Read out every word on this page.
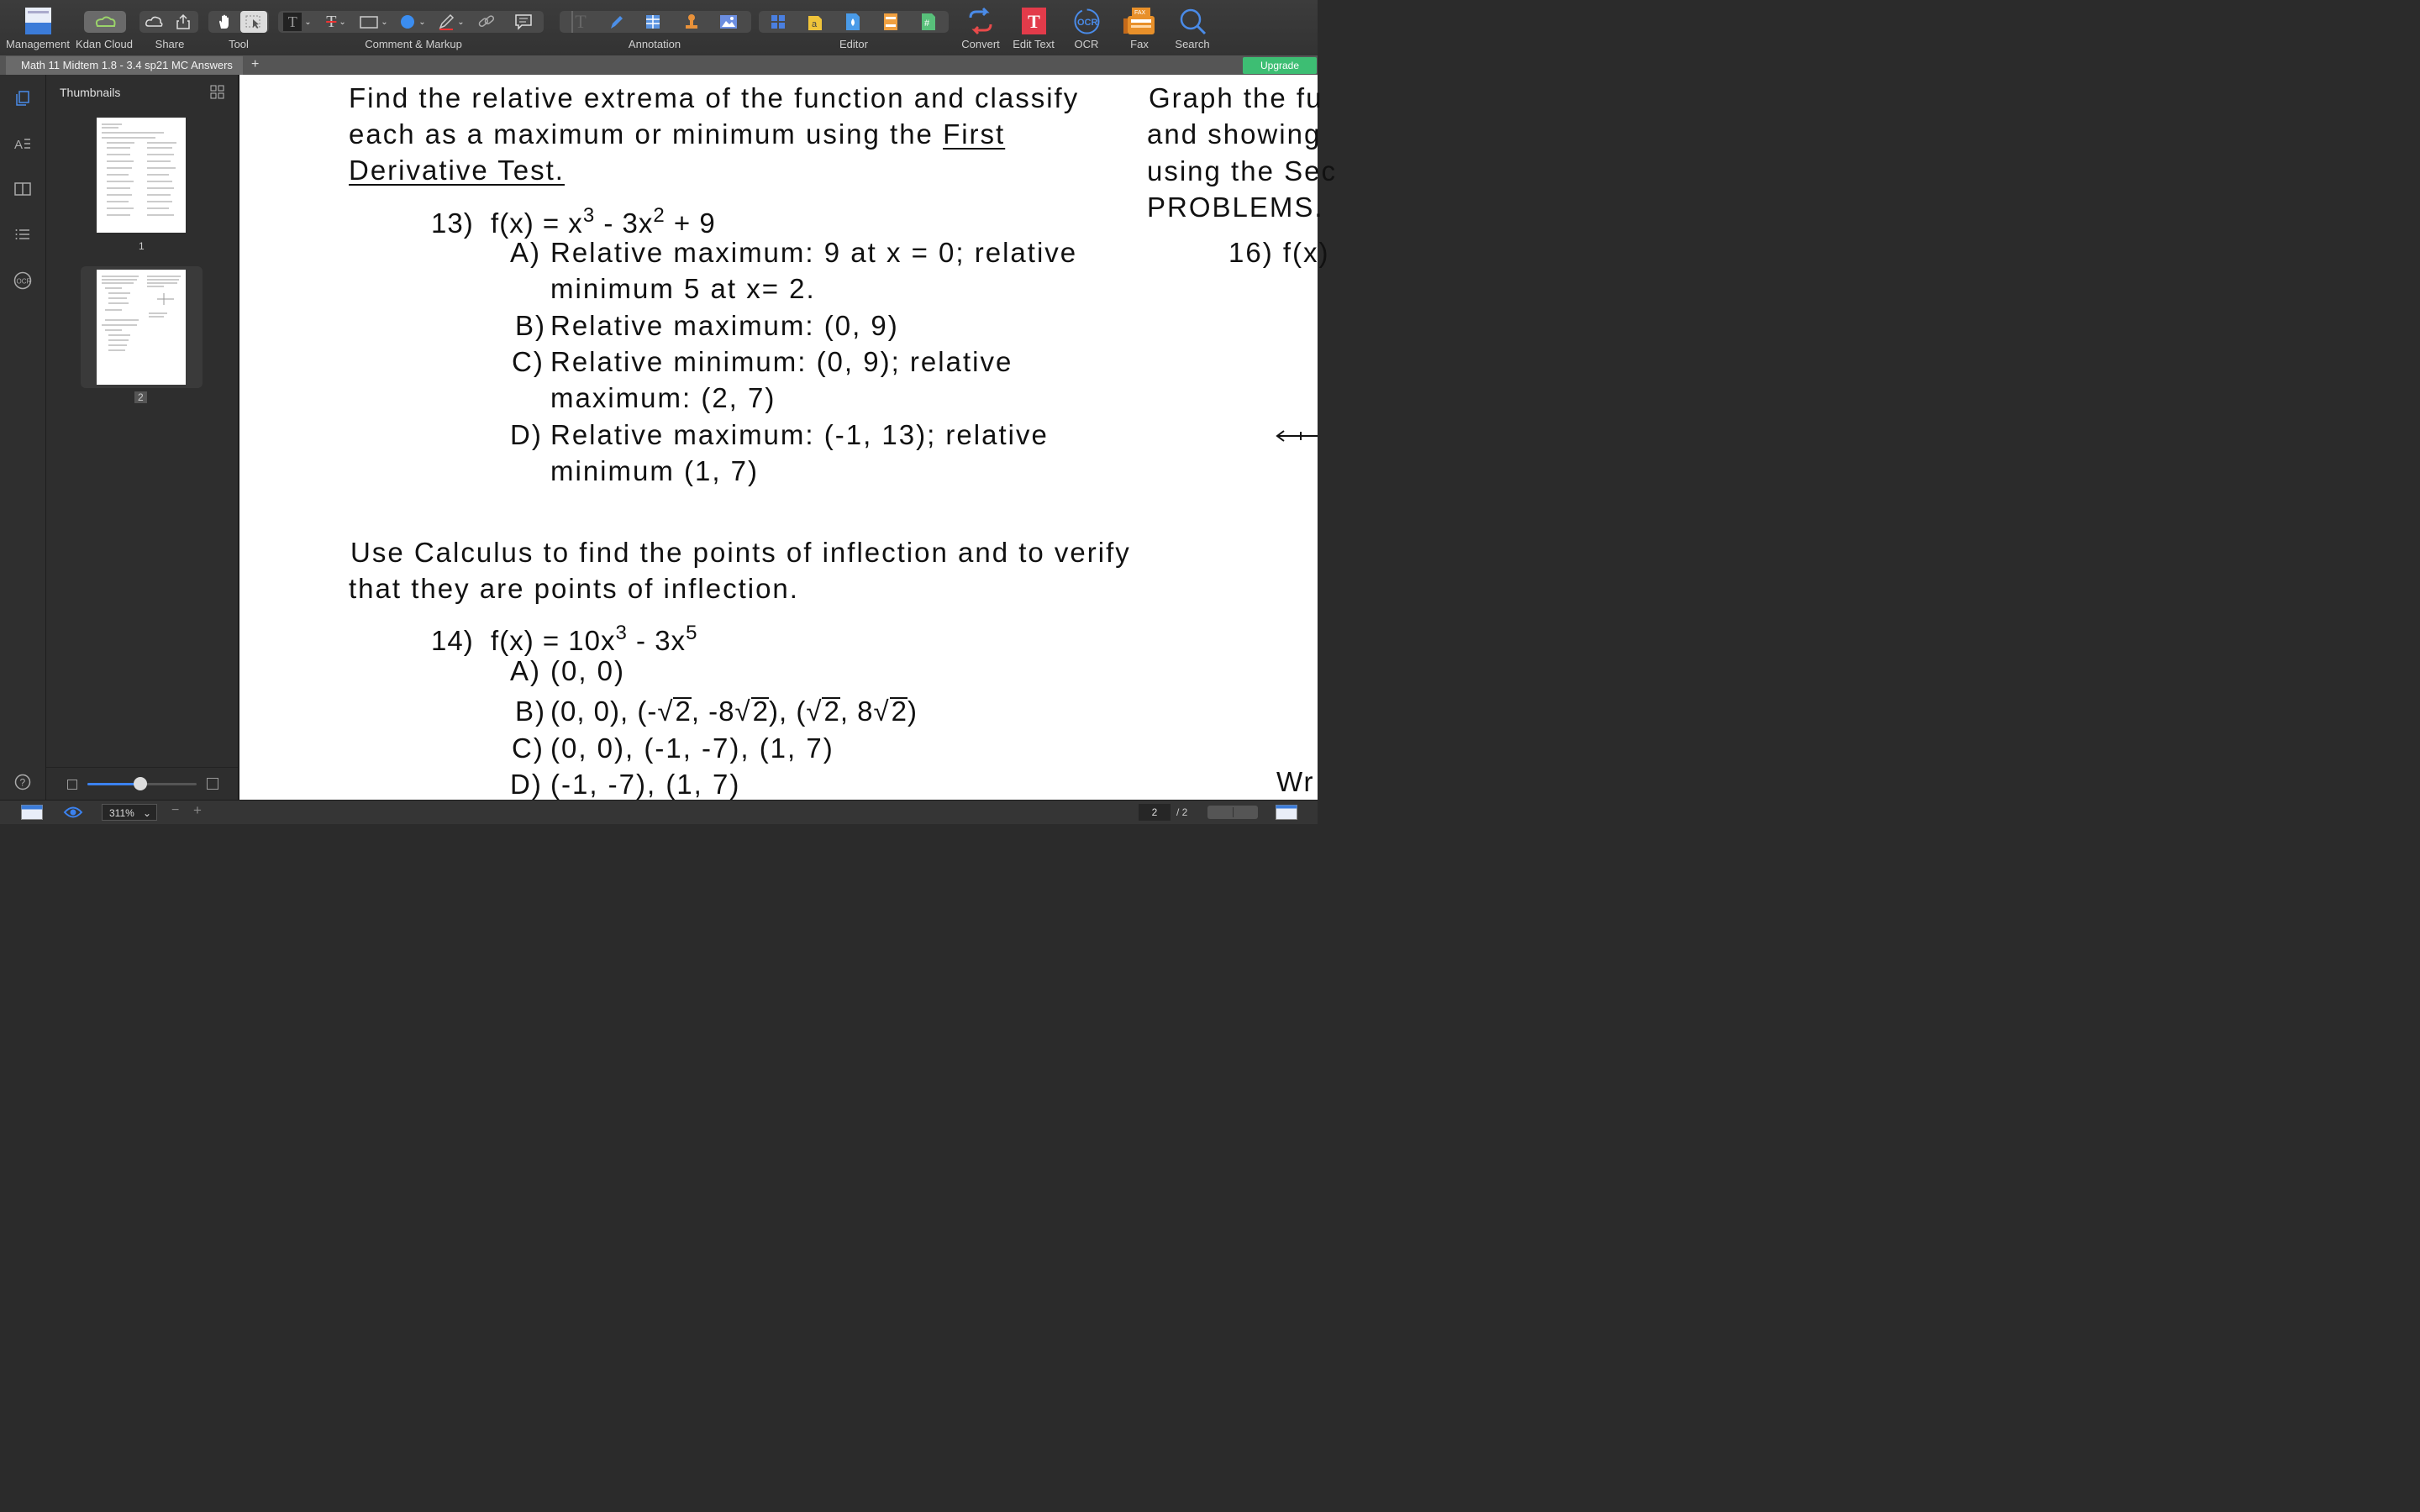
Management Kdan Cloud Share	Tool
T ⌄ T ⌄	⌄	⌄	⌄
Comment & Markup
T
Annotation
a	#
Editor	Convert
T
Edit Text
OCR
OCR
FAX
Fax Search
Math 11 Midtem 1.8 - 3.4 sp21 MC Answers	+	Upgrade
A
OCR
?
Thumbnails
1
2
Find the relative extrema of the function and classify
each as a maximum or minimum using the First
Derivative Test.
13) $f(x) = x^3 - 3x^2 + 9$
A) Relative maximum: 9 at x = 0; relative
minimum 5 at x= 2.
B) Relative maximum: (0, 9)
C) Relative minimum: (0, 9); relative
maximum: (2, 7)
D) Relative maximum: (-1, 13); relative
minimum (1, 7)
Use Calculus to find the points of inflection and to verify
that they are points of inflection.
14) $f(x) = 10x^3 - 3x^5$
A) (0, 0)
B) (0, 0), (-√2, -8√2), (√2, 8√2)
C) (0, 0), (-1, -7), (1, 7)
D) (-1, -7), (1, 7)
Graph the fu
and showing
using the Sec
PROBLEMS.
16) f(x)
Wr
311% ⌄ − +	2	/ 2
